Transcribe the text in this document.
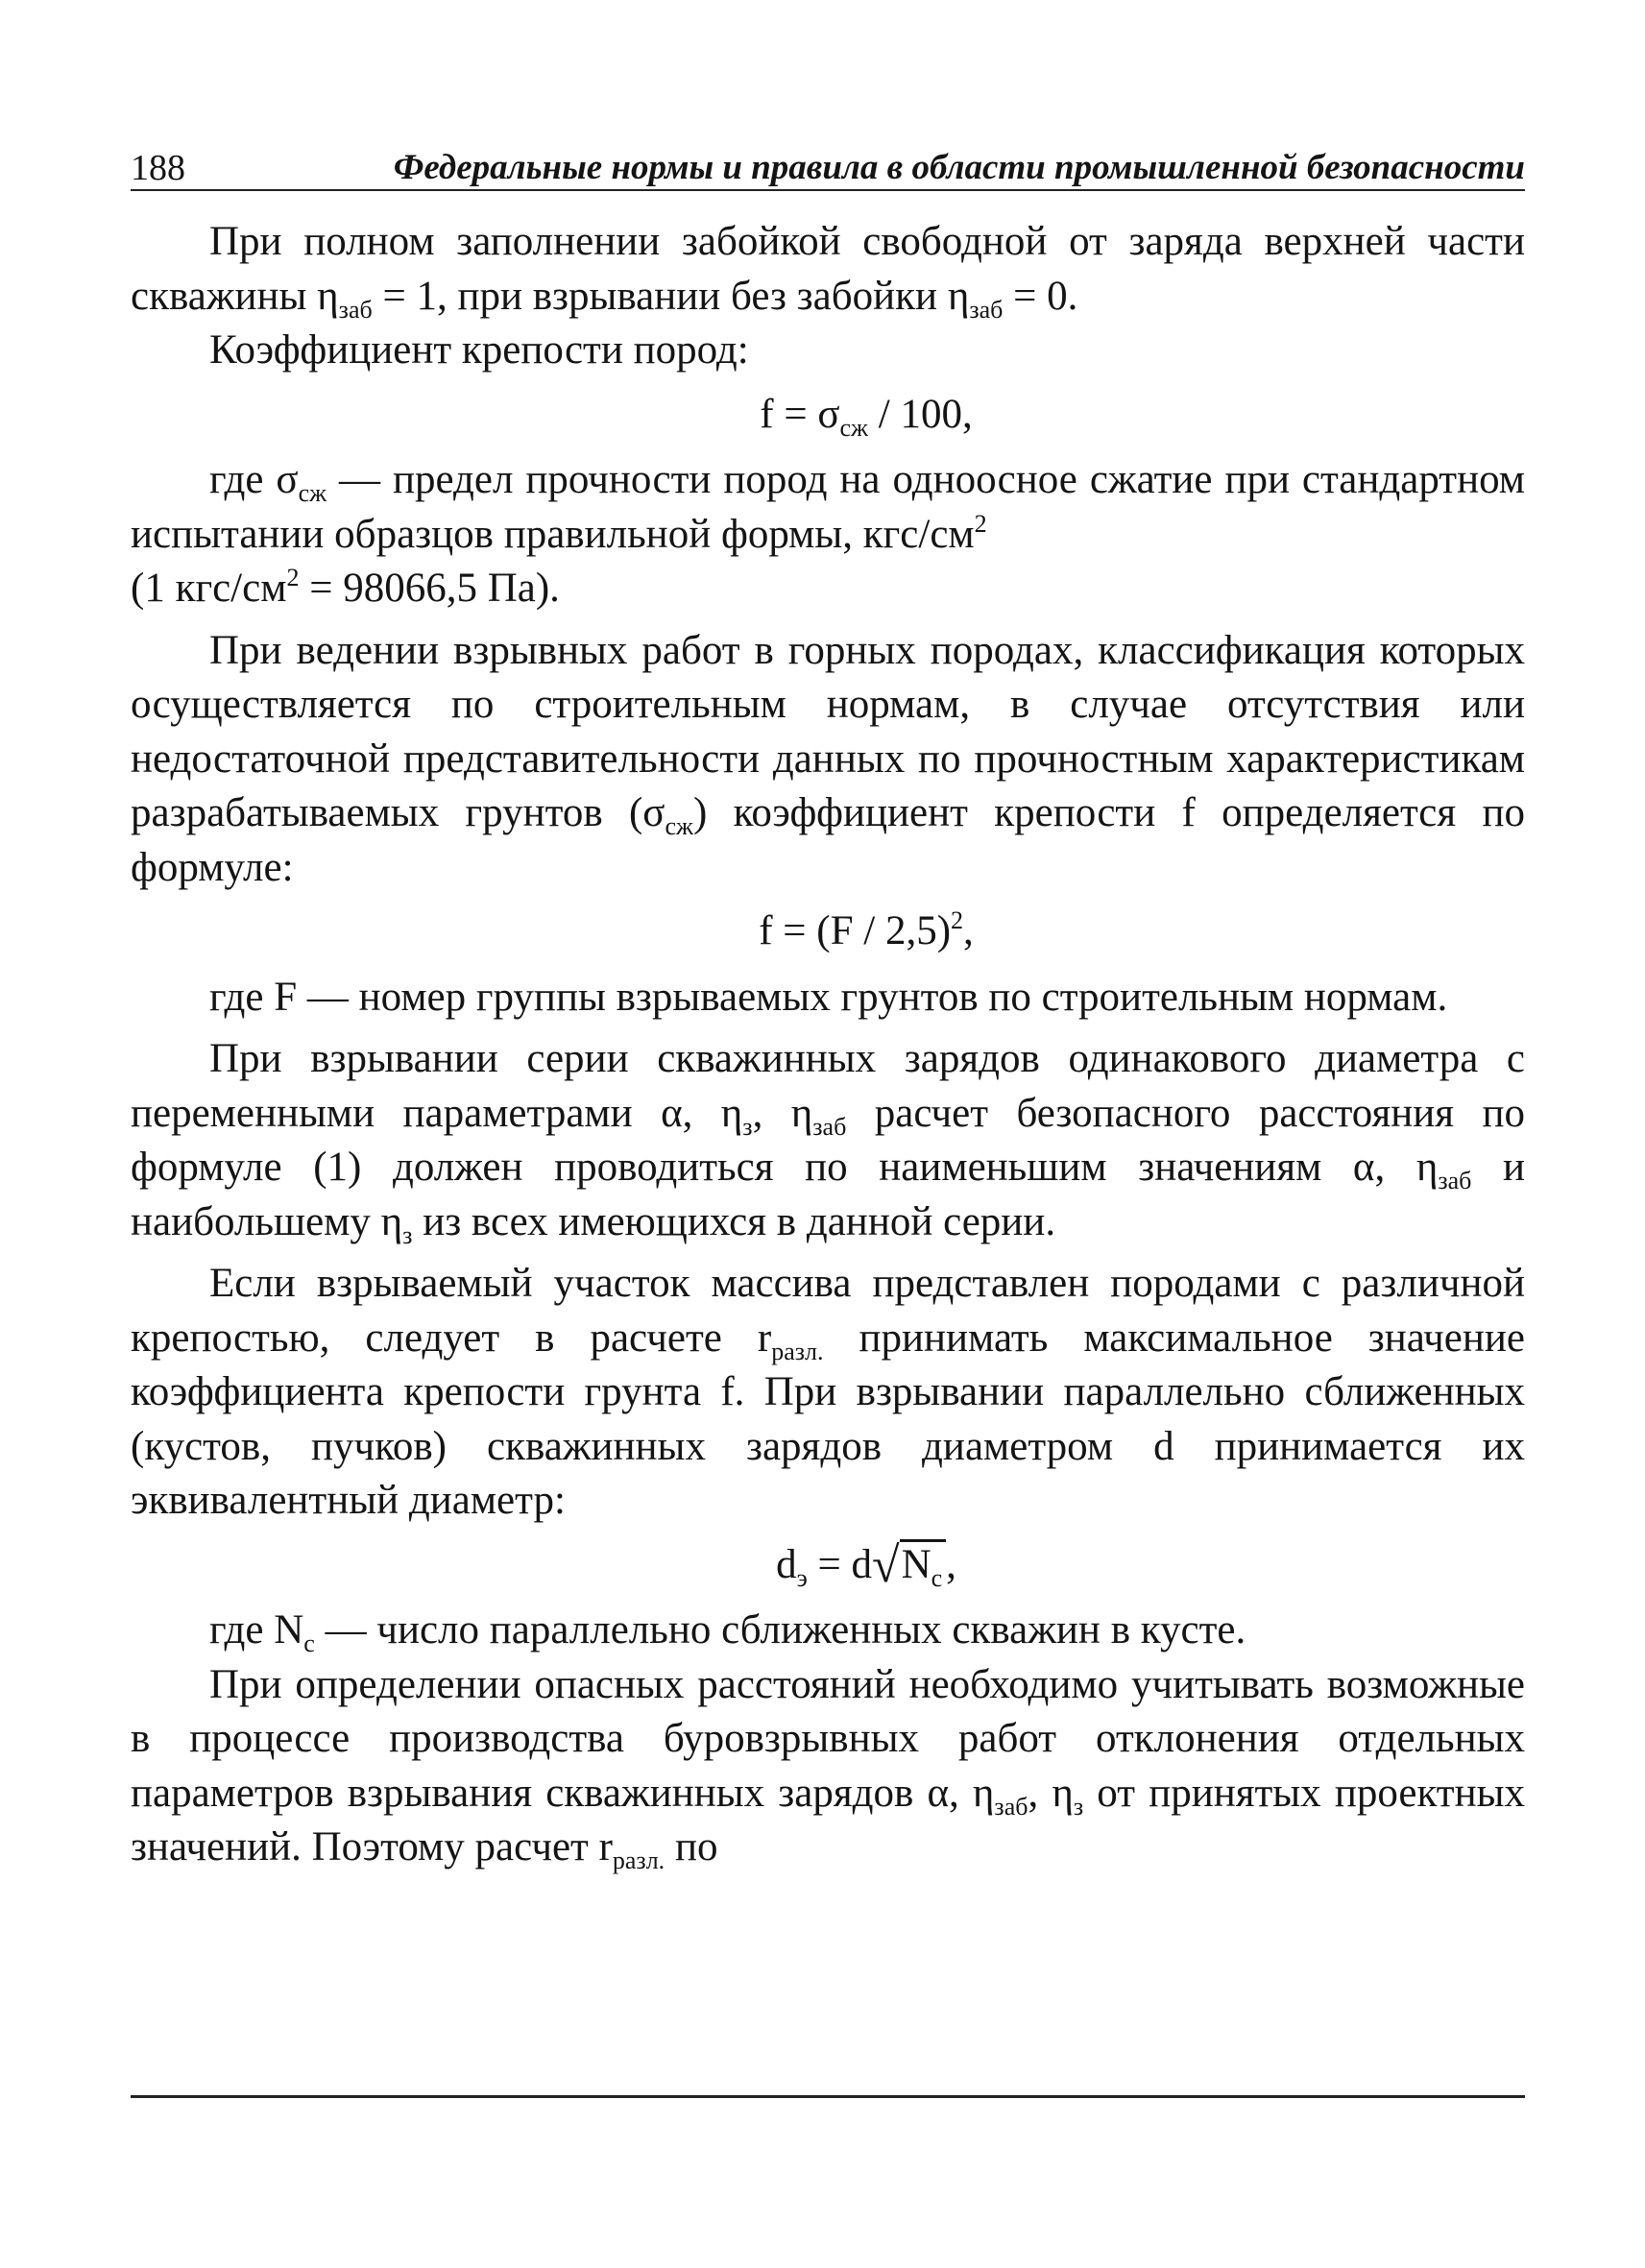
188	Федеральные нормы и правила в области промышленной безопасности

При полном заполнении забойкой свободной от заряда верхней части скважины $\eta_{заб} = 1$, при взрывании без забойки $\eta_{заб} = 0$.

Коэффициент крепости пород:

$f = \sigma_{сж} / 100$,

где $\sigma_{сж}$ — предел прочности пород на одноосное сжатие при стандартном испытании образцов правильной формы, кгс/$см^2$
(1 кгс/$см^2 = 98066,5$ Па).

При ведении взрывных работ в горных породах, классификация которых осуществляется по строительным нормам, в случае отсутствия или недостаточной представительности данных по прочностным характеристикам разрабатываемых грунтов $(\sigma_{сж})$ коэффициент крепости f определяется по формуле:

f = (F / 2,5)$^2$,

где F — номер группы взрываемых грунтов по строительным нормам.

При взрывании серии скважинных зарядов одинакового диаметра с переменными параметрами α, $\eta_з$, $\eta_{заб}$ расчет безопасного расстояния по формуле (1) должен проводиться по наименьшим значениям α, $\eta_{заб}$ и наибольшему $\eta_з$ из всех имеющихся в данной серии.

Если взрываемый участок массива представлен породами с различной крепостью, следует в расчете $r_{разл.}$ принимать максимальное значение коэффициента крепости грунта f. При взрывании параллельно сближенных (кустов, пучков) скважинных зарядов диаметром d принимается их эквивалентный диаметр:

$d_э = d√N_с$,

где $N_с$ — число параллельно сближенных скважин в кусте.

При определении опасных расстояний необходимо учитывать возможные в процессе производства буровзрывных работ отклонения отдельных параметров взрывания скважинных зарядов α, $\eta_{заб}$, $\eta_з$ от принятых проектных значений. Поэтому расчет $r_{разл.}$ по
